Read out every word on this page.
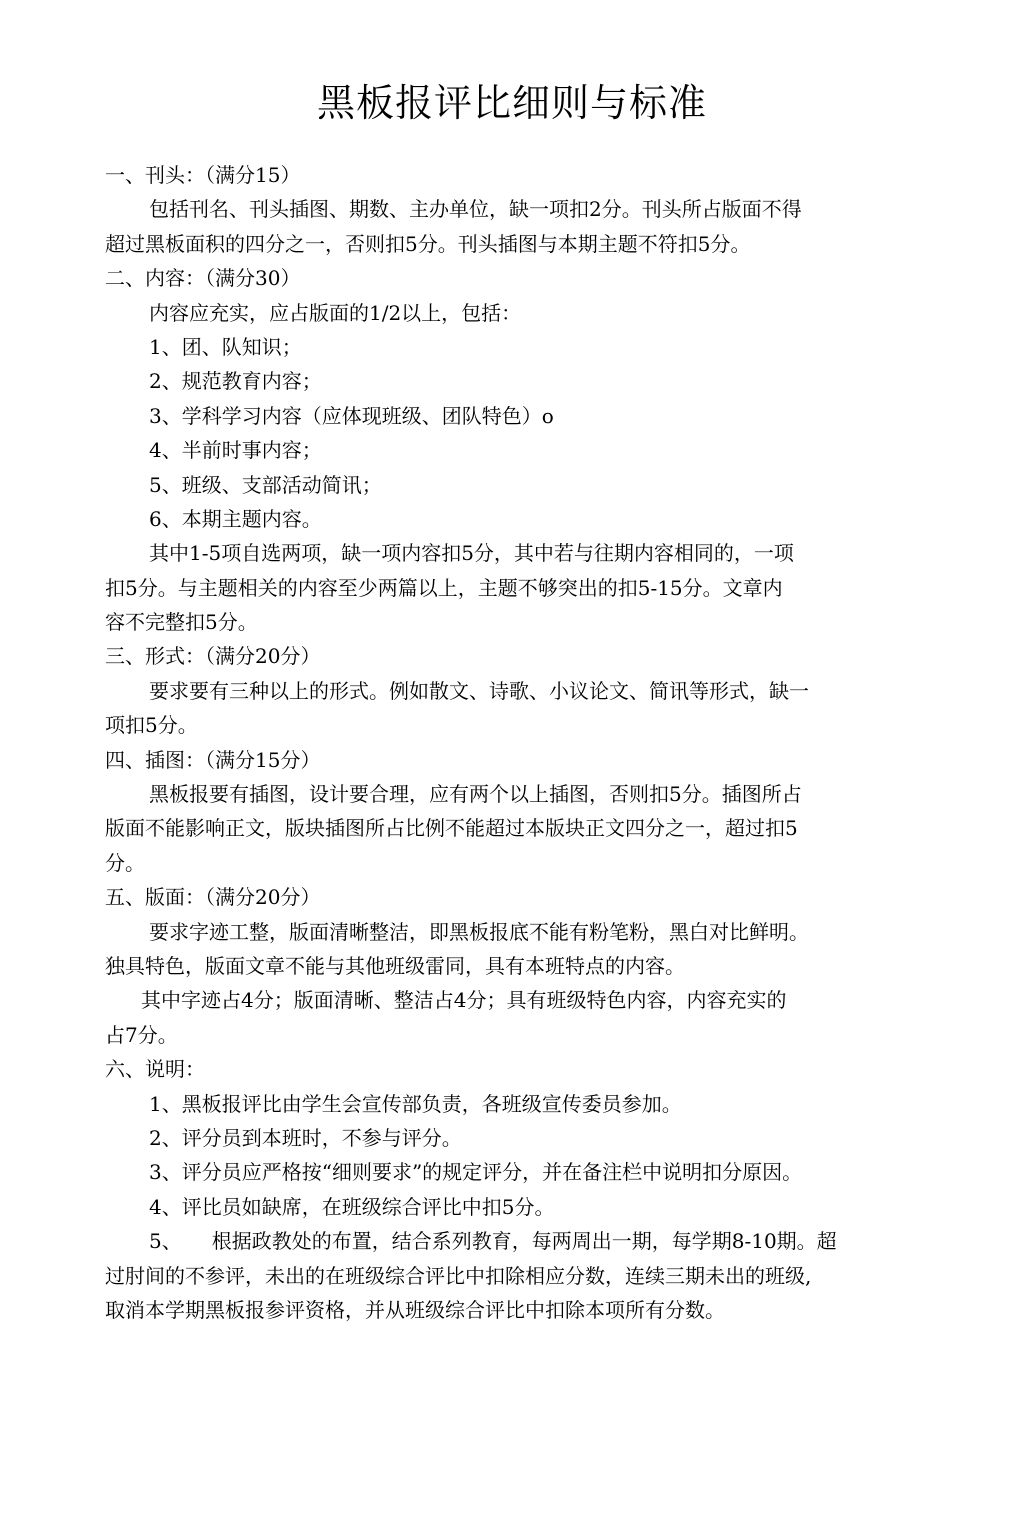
黑板报评比细则与标准
一、刊头：（满分15）
包括刊名、刊头插图、期数、主办单位，缺一项扣2分。刊头所占版面不得
超过黑板面积的四分之一，否则扣5分。刊头插图与本期主题不符扣5分。
二、内容：（满分30）
内容应充实，应占版面的1/2以上，包括：
1、团、队知识；
2、规范教育内容；
3、学科学习内容（应体现班级、团队特色）o
4、半前时事内容；
5、班级、支部活动简讯；
6、本期主题内容。
其中1-5项自选两项，缺一项内容扣5分，其中若与往期内容相同的，一项
扣5分。与主题相关的内容至少两篇以上，主题不够突出的扣5-15分。文章内
容不完整扣5分。
三、形式：（满分20分）
要求要有三种以上的形式。例如散文、诗歌、小议论文、简讯等形式，缺一
项扣5分。
四、插图：（满分15分）
黑板报要有插图，设计要合理，应有两个以上插图，否则扣5分。插图所占
版面不能影响正文，版块插图所占比例不能超过本版块正文四分之一，超过扣5
分。
五、版面：（满分20分）
要求字迹工整，版面清晰整洁，即黑板报底不能有粉笔粉，黑白对比鲜明。
独具特色，版面文章不能与其他班级雷同，具有本班特点的内容。
其中字迹占4分；版面清晰、整洁占4分；具有班级特色内容，内容充实的
占7分。
六、说明：
1、黑板报评比由学生会宣传部负责，各班级宣传委员参加。
2、评分员到本班时，不参与评分。
3、评分员应严格按“细则要求”的规定评分，并在备注栏中说明扣分原因。
4、评比员如缺席，在班级综合评比中扣5分。
5、 根据政教处的布置，结合系列教育，每两周出一期，每学期8-10期。超
过肘间的不参评，未出的在班级综合评比中扣除相应分数，连续三期未出的班级,
取消本学期黑板报参评资格，并从班级综合评比中扣除本项所有分数。
